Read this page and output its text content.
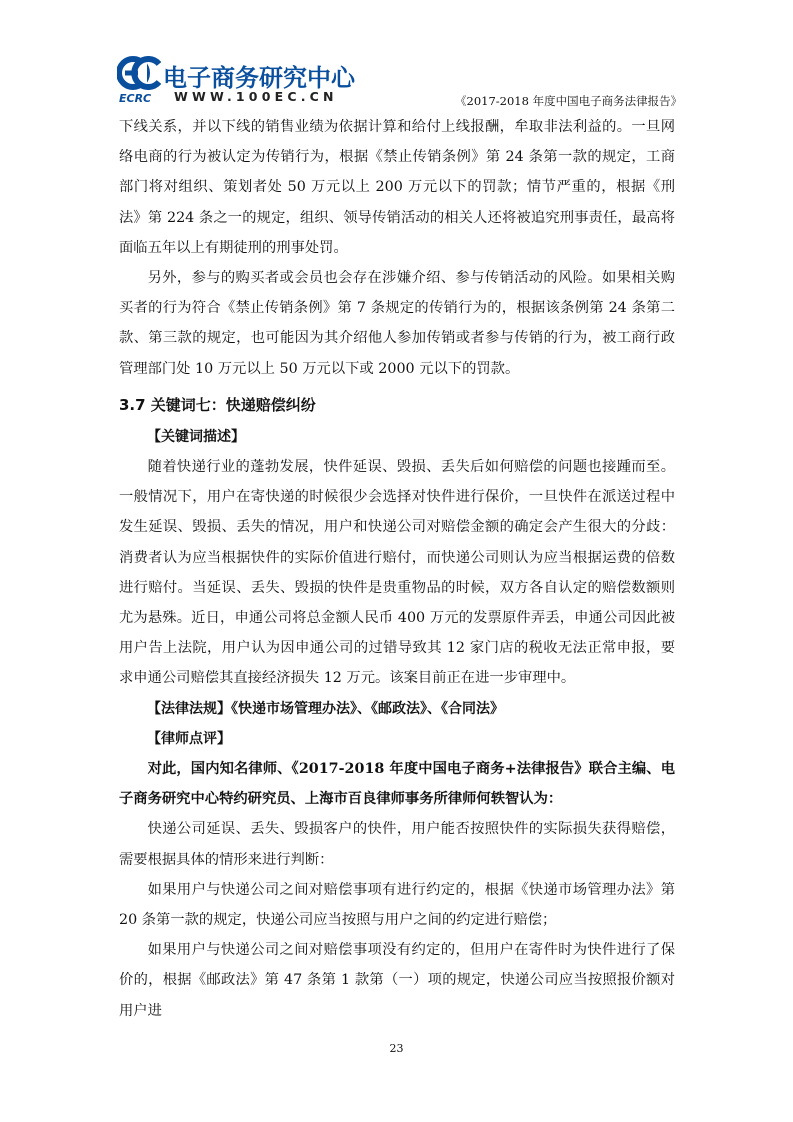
电子商务研究中心
ECRC WWW.100EC.CN	《2017-2018 年度中国电子商务法律报告》

下线关系，并以下线的销售业绩为依据计算和给付上线报酬，牟取非法利益的。一旦网络电商的行为被认定为传销行为，根据《禁止传销条例》第 24 条第一款的规定，工商部门将对组织、策划者处 50 万元以上 200 万元以下的罚款；情节严重的，根据《刑法》第 224 条之一的规定，组织、领导传销活动的相关人还将被追究刑事责任，最高将面临五年以上有期徒刑的刑事处罚。

另外，参与的购买者或会员也会存在涉嫌介绍、参与传销活动的风险。如果相关购买者的行为符合《禁止传销条例》第 7 条规定的传销行为的，根据该条例第 24 条第二款、第三款的规定，也可能因为其介绍他人参加传销或者参与传销的行为，被工商行政管理部门处 10 万元以上 50 万元以下或 2000 元以下的罚款。

3.7 关键词七：快递赔偿纠纷

【关键词描述】

随着快递行业的蓬勃发展，快件延误、毁损、丢失后如何赔偿的问题也接踵而至。一般情况下，用户在寄快递的时候很少会选择对快件进行保价，一旦快件在派送过程中发生延误、毁损、丢失的情况，用户和快递公司对赔偿金额的确定会产生很大的分歧：消费者认为应当根据快件的实际价值进行赔付，而快递公司则认为应当根据运费的倍数进行赔付。当延误、丢失、毁损的快件是贵重物品的时候，双方各自认定的赔偿数额则尤为悬殊。近日，申通公司将总金额人民币 400 万元的发票原件弄丢，申通公司因此被用户告上法院，用户认为因申通公司的过错导致其 12 家门店的税收无法正常申报，要求申通公司赔偿其直接经济损失 12 万元。该案目前正在进一步审理中。

【法律法规】《快递市场管理办法》、《邮政法》、《合同法》

【律师点评】

对此，国内知名律师、《2017-2018 年度中国电子商务+法律报告》联合主编、电子商务研究中心特约研究员、上海市百良律师事务所律师何轶智认为：

快递公司延误、丢失、毁损客户的快件，用户能否按照快件的实际损失获得赔偿，需要根据具体的情形来进行判断：

如果用户与快递公司之间对赔偿事项有进行约定的，根据《快递市场管理办法》第 20 条第一款的规定，快递公司应当按照与用户之间的约定进行赔偿；

如果用户与快递公司之间对赔偿事项没有约定的，但用户在寄件时为快件进行了保价的，根据《邮政法》第 47 条第 1 款第（一）项的规定，快递公司应当按照报价额对用户进

23
